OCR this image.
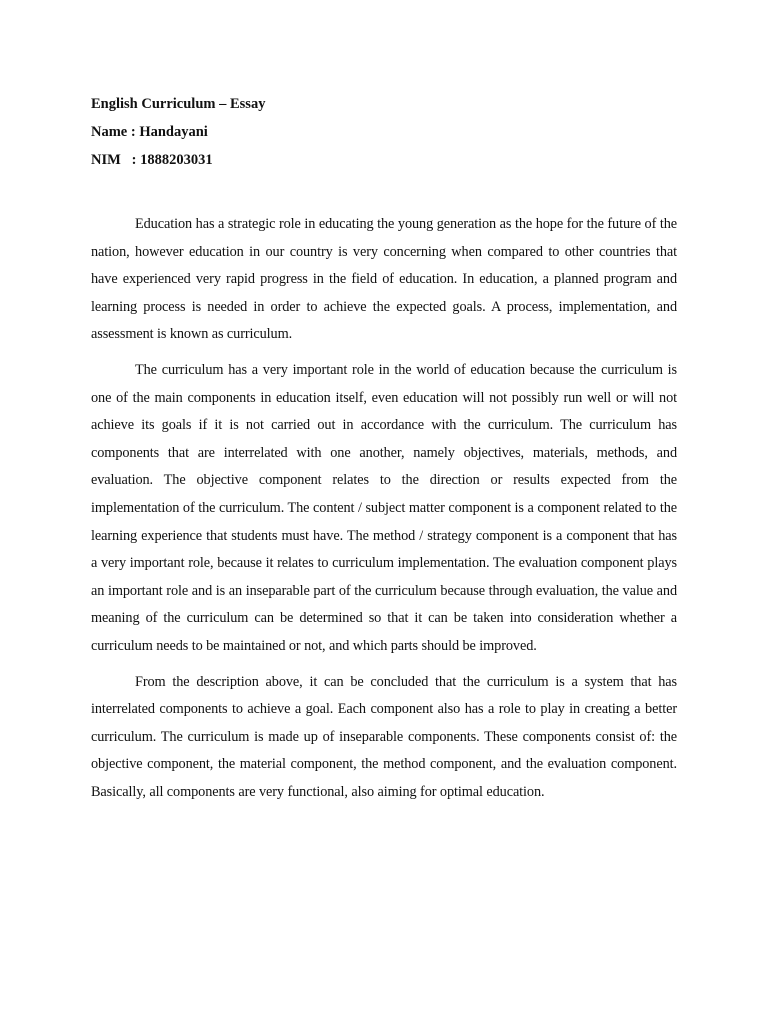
English Curriculum – Essay
Name : Handayani
NIM   : 1888203031

Education has a strategic role in educating the young generation as the hope for the future of the nation, however education in our country is very concerning when compared to other countries that have experienced very rapid progress in the field of education. In education, a planned program and learning process is needed in order to achieve the expected goals. A process, implementation, and assessment is known as curriculum.

The curriculum has a very important role in the world of education because the curriculum is one of the main components in education itself, even education will not possibly run well or will not achieve its goals if it is not carried out in accordance with the curriculum. The curriculum has components that are interrelated with one another, namely objectives, materials, methods, and evaluation. The objective component relates to the direction or results expected from the implementation of the curriculum. The content / subject matter component is a component related to the learning experience that students must have. The method / strategy component is a component that has a very important role, because it relates to curriculum implementation. The evaluation component plays an important role and is an inseparable part of the curriculum because through evaluation, the value and meaning of the curriculum can be determined so that it can be taken into consideration whether a curriculum needs to be maintained or not, and which parts should be improved.

From the description above, it can be concluded that the curriculum is a system that has interrelated components to achieve a goal. Each component also has a role to play in creating a better curriculum. The curriculum is made up of inseparable components. These components consist of: the objective component, the material component, the method component, and the evaluation component. Basically, all components are very functional, also aiming for optimal education.
